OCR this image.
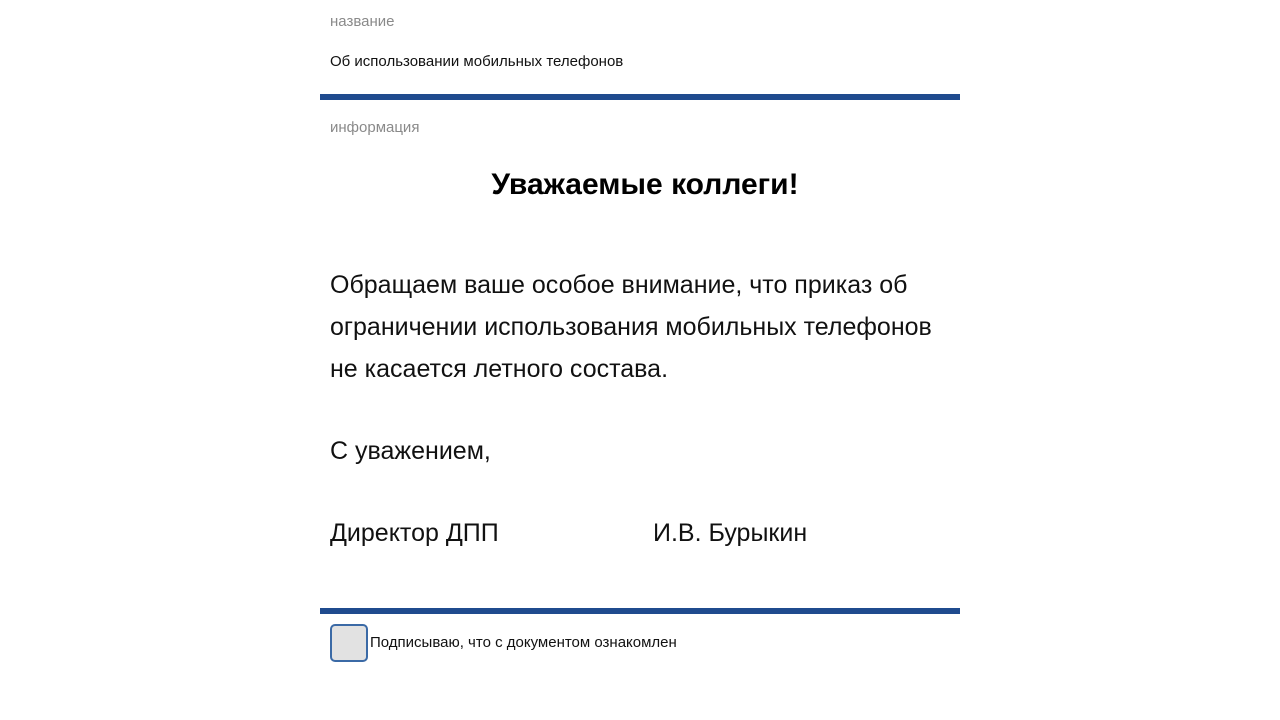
название
Об использовании мобильных телефонов
информация
Уважаемые коллеги!
Обращаем ваше особое внимание, что приказ об ограничении использования мобильных телефонов не касается летного состава.
С уважением,
Директор ДПП	И.В. Бурыкин
Подписываю, что с документом ознакомлен
